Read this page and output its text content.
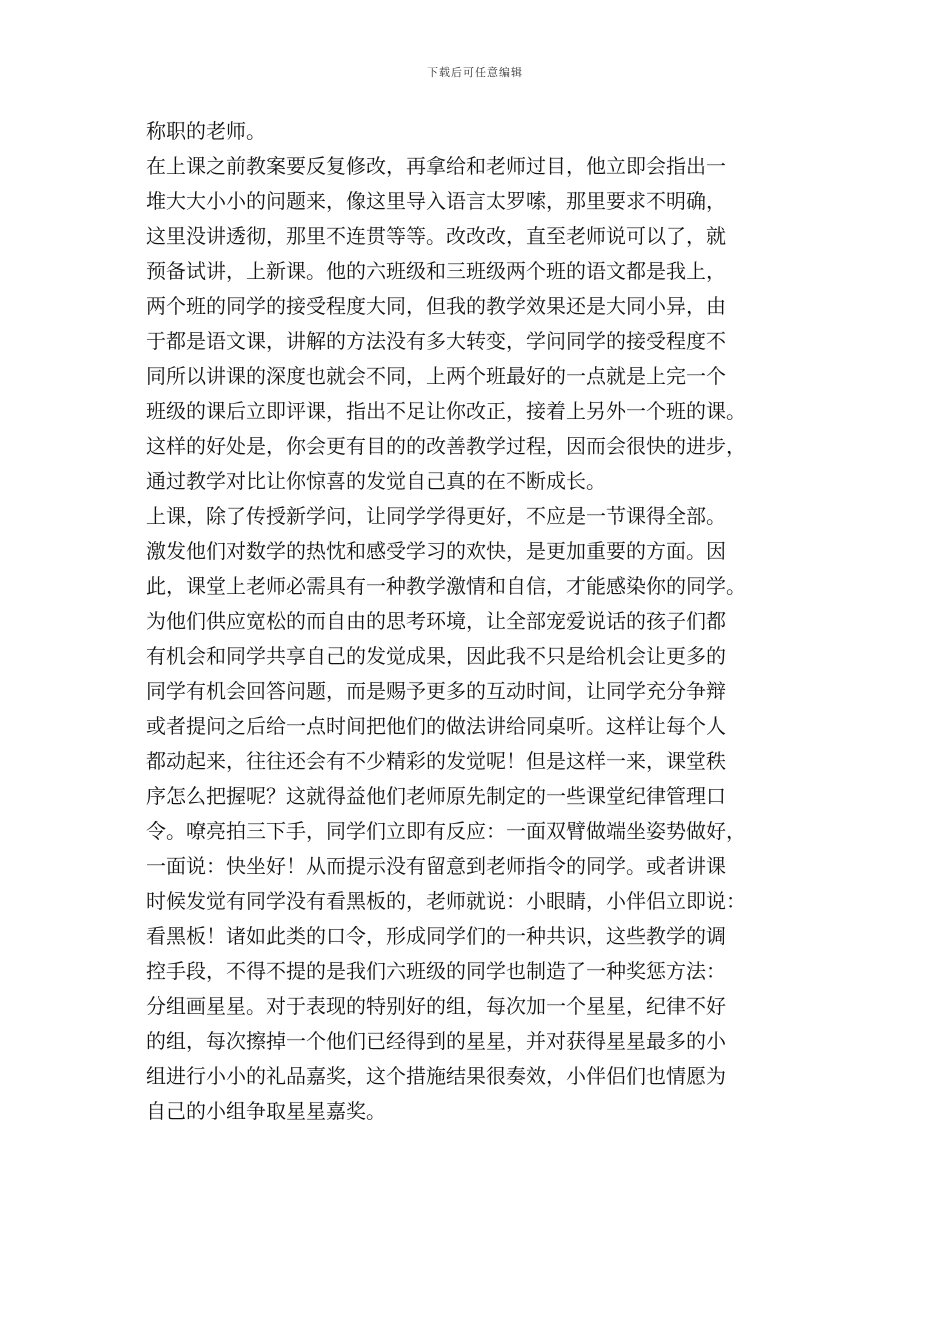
下载后可任意编辑
称职的老师。
在上课之前教案要反复修改，再拿给和老师过目，他立即会指出一
堆大大小小的问题来，像这里导入语言太罗嗦，那里要求不明确，
这里没讲透彻，那里不连贯等等。改改改，直至老师说可以了，就
预备试讲，上新课。他的六班级和三班级两个班的语文都是我上，
两个班的同学的接受程度大同，但我的教学效果还是大同小异，由
于都是语文课，讲解的方法没有多大转变，学问同学的接受程度不
同所以讲课的深度也就会不同，上两个班最好的一点就是上完一个
班级的课后立即评课，指出不足让你改正，接着上另外一个班的课。
这样的好处是，你会更有目的的改善教学过程，因而会很快的进步，
通过教学对比让你惊喜的发觉自己真的在不断成长。
上课，除了传授新学问，让同学学得更好，不应是一节课得全部。
激发他们对数学的热忱和感受学习的欢快，是更加重要的方面。因
此，课堂上老师必需具有一种教学激情和自信，才能感染你的同学。
为他们供应宽松的而自由的思考环境，让全部宠爱说话的孩子们都
有机会和同学共享自己的发觉成果，因此我不只是给机会让更多的
同学有机会回答问题，而是赐予更多的互动时间，让同学充分争辩
或者提问之后给一点时间把他们的做法讲给同桌听。这样让每个人
都动起来，往往还会有不少精彩的发觉呢！但是这样一来，课堂秩
序怎么把握呢？这就得益他们老师原先制定的一些课堂纪律管理口
令。嘹亮拍三下手，同学们立即有反应：一面双臂做端坐姿势做好，
一面说：快坐好！从而提示没有留意到老师指令的同学。或者讲课
时候发觉有同学没有看黑板的，老师就说：小眼睛，小伴侣立即说：
看黑板！诸如此类的口令，形成同学们的一种共识，这些教学的调
控手段，不得不提的是我们六班级的同学也制造了一种奖惩方法：
分组画星星。对于表现的特别好的组，每次加一个星星，纪律不好
的组，每次擦掉一个他们已经得到的星星，并对获得星星最多的小
组进行小小的礼品嘉奖，这个措施结果很奏效，小伴侣们也情愿为
自己的小组争取星星嘉奖。
